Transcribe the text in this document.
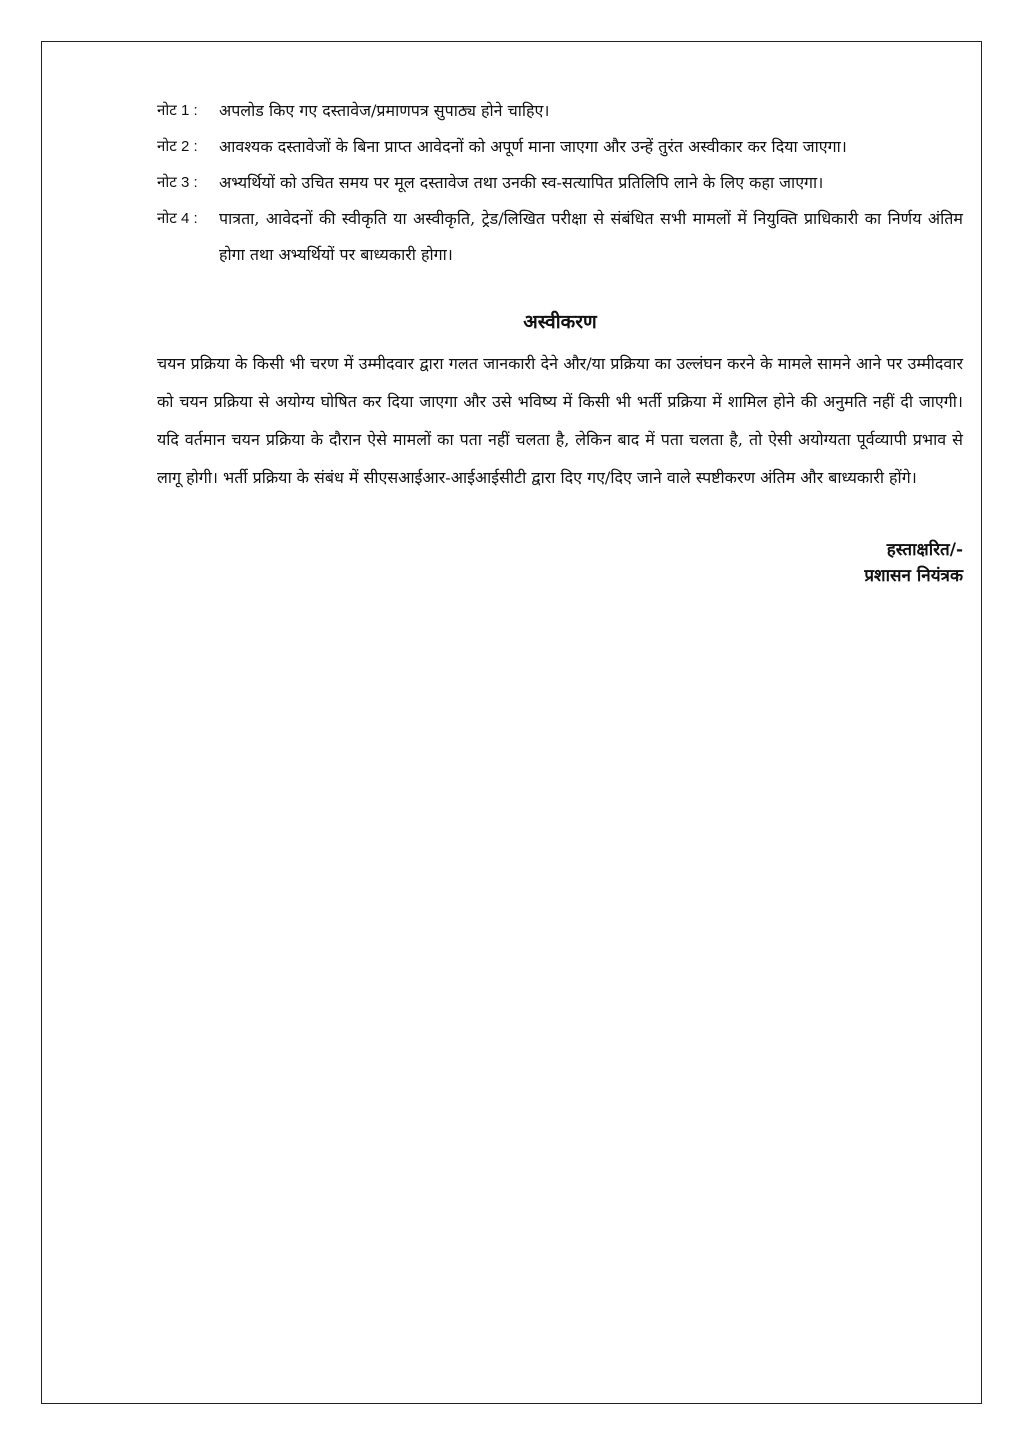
नोट 1 :	अपलोड किए गए दस्तावेज/प्रमाणपत्र सुपाठ्य होने चाहिए।
नोट 2 :	आवश्यक दस्तावेजों के बिना प्राप्त आवेदनों को अपूर्ण माना जाएगा और उन्हें तुरंत अस्वीकार कर दिया जाएगा।
नोट 3 :	अभ्यर्थियों को उचित समय पर मूल दस्तावेज तथा उनकी स्व-सत्यापित प्रतिलिपि लाने के लिए कहा जाएगा।
नोट 4 :	पात्रता, आवेदनों की स्वीकृति या अस्वीकृति, ट्रेड/लिखित परीक्षा से संबंधित सभी मामलों में नियुक्ति प्राधिकारी का निर्णय अंतिम होगा तथा अभ्यर्थियों पर बाध्यकारी होगा।
अस्वीकरण

चयन प्रक्रिया के किसी भी चरण में उम्मीदवार द्वारा गलत जानकारी देने और/या प्रक्रिया का उल्लंघन करने के मामले सामने आने पर उम्मीदवार को चयन प्रक्रिया से अयोग्य घोषित कर दिया जाएगा और उसे भविष्य में किसी भी भर्ती प्रक्रिया में शामिल होने की अनुमति नहीं दी जाएगी। यदि वर्तमान चयन प्रक्रिया के दौरान ऐसे मामलों का पता नहीं चलता है, लेकिन बाद में पता चलता है, तो ऐसी अयोग्यता पूर्वव्यापी प्रभाव से लागू होगी। भर्ती प्रक्रिया के संबंध में सीएसआईआर-आईआईसीटी द्वारा दिए गए/दिए जाने वाले स्पष्टीकरण अंतिम और बाध्यकारी होंगे।

हस्ताक्षरित/-
प्रशासन नियंत्रक
